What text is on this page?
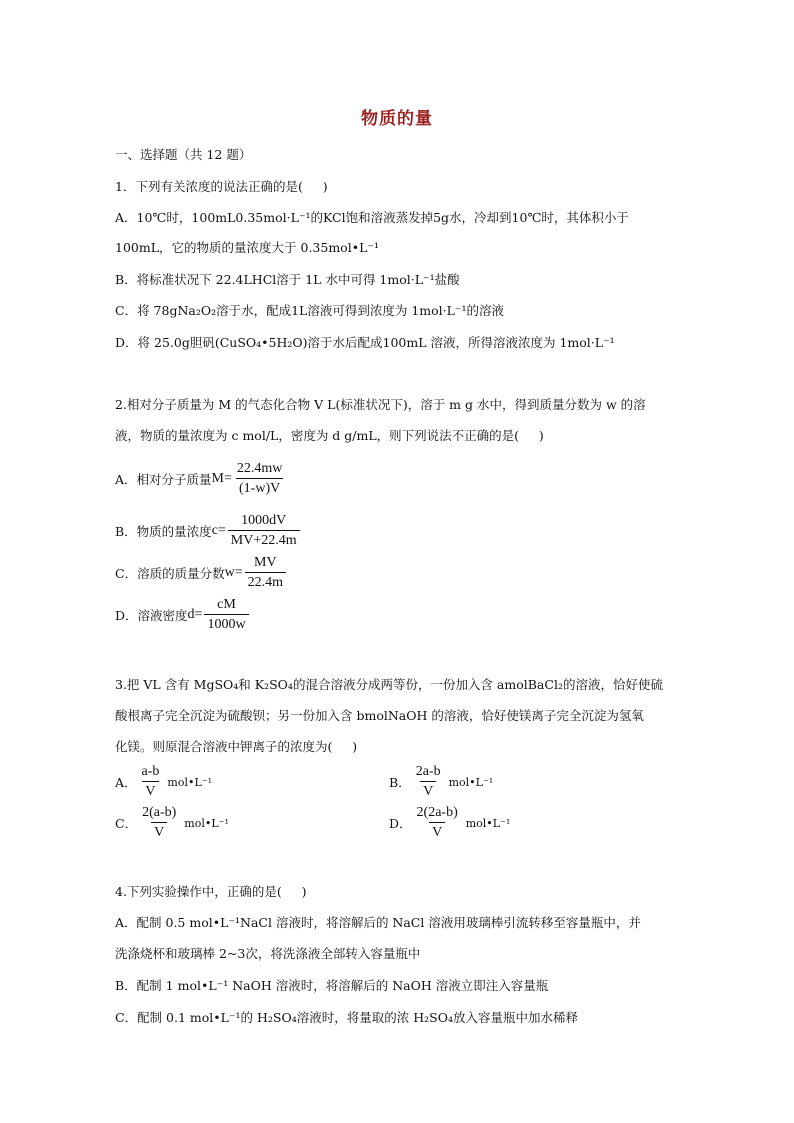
物质的量
一、选择题（共 12 题）
1．下列有关浓度的说法正确的是(     )
A．10℃时，100mL0.35mol·L⁻¹的KCl饱和溶液蒸发掉5g水，冷却到10℃时，其体积小于
100mL，它的物质的量浓度大于 0.35mol•L⁻¹
B．将标准状况下 22.4LHCl溶于 1L 水中可得 1mol·L⁻¹盐酸
C．将 78gNa₂O₂溶于水，配成1L溶液可得到浓度为 1mol·L⁻¹的溶液
D．将 25.0g胆矾(CuSO₄•5H₂O)溶于水后配成100mL 溶液，所得溶液浓度为 1mol·L⁻¹
2.相对分子质量为 M 的气态化合物 V L(标准状况下)，溶于 m g 水中，得到质量分数为 w 的溶
液，物质的量浓度为 c mol/L，密度为 d g/mL，则下列说法不正确的是(     )
A．相对分子质量 $M= \frac{22.4mw}{(1-w)V}$
B．物质的量浓度 $c= \frac{1000dV}{MV+22.4m}$
C．溶质的质量分数 $w= \frac{MV}{22.4m}$
D．溶液密度 $d= \frac{cM}{1000w}$
3.把 VL 含有 MgSO₄和 K₂SO₄的混合溶液分成两等份，一份加入含 amolBaCl₂的溶液，恰好使硫
酸根离子完全沉淀为硫酸钡；另一份加入含 bmolNaOH 的溶液，恰好使镁离子完全沉淀为氢氧
化镁。则原混合溶液中钾离子的浓度为(     )
A． $\frac{a-b}{V}$ mol•L⁻¹	B． $\frac{2a-b}{V}$ mol•L⁻¹
C． $\frac{2(a-b)}{V}$ mol•L⁻¹	D． $\frac{2(2a-b)}{V}$ mol•L⁻¹
4.下列实验操作中，正确的是(     )
A．配制 0.5 mol•L⁻¹NaCl 溶液时，将溶解后的 NaCl 溶液用玻璃棒引流转移至容量瓶中，并
洗涤烧杯和玻璃棒 2~3次，将洗涤液全部转入容量瓶中
B．配制 1 mol•L⁻¹ NaOH 溶液时，将溶解后的 NaOH 溶液立即注入容量瓶
C．配制 0.1 mol•L⁻¹的 H₂SO₄溶液时，将量取的浓 H₂SO₄放入容量瓶中加水稀释
